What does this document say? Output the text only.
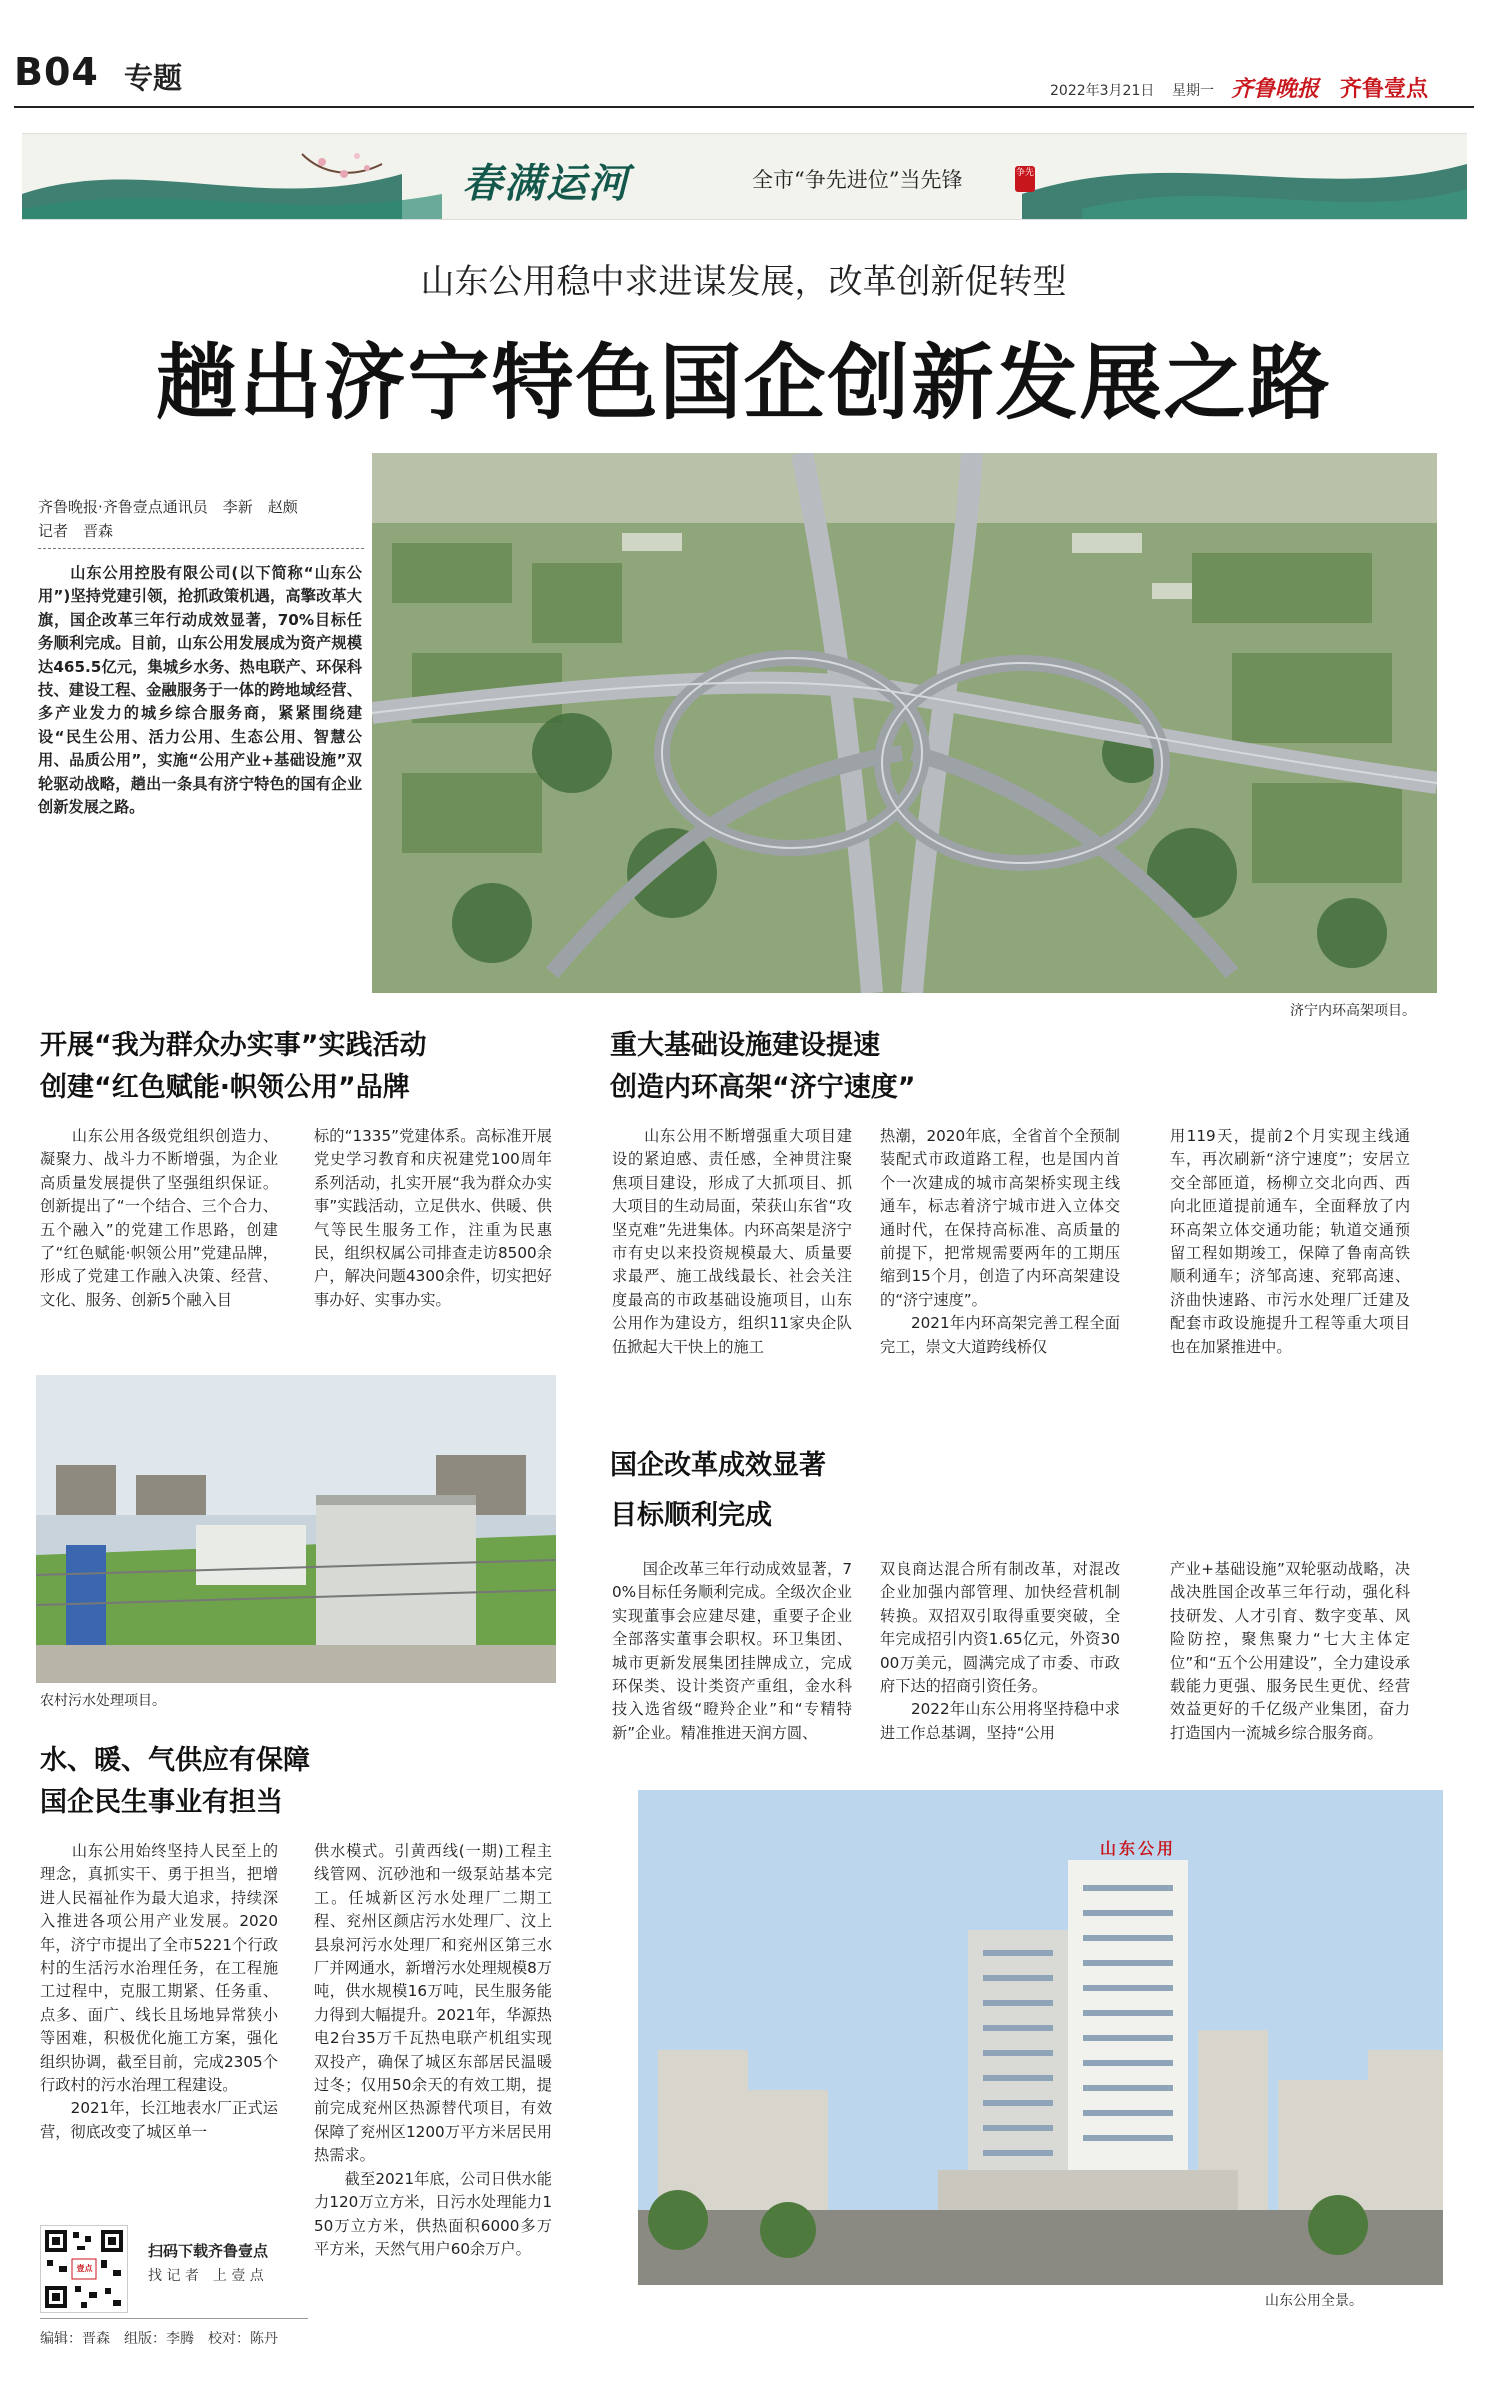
B04 专题	2022年3月21日 星期一 齐鲁晚报 齐鲁壹点
春满运河	全市“争先进位”当先锋	争先
山东公用稳中求进谋发展，改革创新促转型
趟出济宁特色国企创新发展之路
齐鲁晚报·齐鲁壹点通讯员　李新　赵颇
记者　晋森
　　山东公用控股有限公司(以下简称“山东公用”)坚持党建引领，抢抓政策机遇，高擎改革大旗，国企改革三年行动成效显著，70%目标任务顺利完成。目前，山东公用发展成为资产规模达465.5亿元，集城乡水务、热电联产、环保科技、建设工程、金融服务于一体的跨地域经营、多产业发力的城乡综合服务商，紧紧围绕建设“民生公用、活力公用、生态公用、智慧公用、品质公用”，实施“公用产业+基础设施”双轮驱动战略，趟出一条具有济宁特色的国有企业创新发展之路。
济宁内环高架项目。
开展“我为群众办实事”实践活动
创建“红色赋能·帜领公用”品牌
　　山东公用各级党组织创造力、凝聚力、战斗力不断增强，为企业高质量发展提供了坚强组织保证。创新提出了“一个结合、三个合力、五个融入”的党建工作思路，创建了“红色赋能·帜领公用”党建品牌，形成了党建工作融入决策、经营、文化、服务、创新5个融入目
标的“1335”党建体系。高标准开展党史学习教育和庆祝建党100周年系列活动，扎实开展“我为群众办实事”实践活动，立足供水、供暖、供气等民生服务工作，注重为民惠民，组织权属公司排查走访8500余户，解决问题4300余件，切实把好事办好、实事办实。
农村污水处理项目。
水、暖、气供应有保障
国企民生事业有担当
　　山东公用始终坚持人民至上的理念，真抓实干、勇于担当，把增进人民福祉作为最大追求，持续深入推进各项公用产业发展。2020年，济宁市提出了全市5221个行政村的生活污水治理任务，在工程施工过程中，克服工期紧、任务重、点多、面广、线长且场地异常狭小等困难，积极优化施工方案，强化组织协调，截至目前，完成2305个行政村的污水治理工程建设。
　　2021年，长江地表水厂正式运营，彻底改变了城区单一
供水模式。引黄西线(一期)工程主线管网、沉砂池和一级泵站基本完工。任城新区污水处理厂二期工程、兖州区颜店污水处理厂、汶上县泉河污水处理厂和兖州区第三水厂并网通水，新增污水处理规模8万吨，供水规模16万吨，民生服务能力得到大幅提升。2021年，华源热电2台35万千瓦热电联产机组实现双投产，确保了城区东部居民温暖过冬；仅用50余天的有效工期，提前完成兖州区热源替代项目，有效保障了兖州区1200万平方米居民用热需求。
　　截至2021年底，公司日供水能力120万立方米，日污水处理能力150万立方米，供热面积6000多万平方米，天然气用户60余万户。
重大基础设施建设提速
创造内环高架“济宁速度”
　　山东公用不断增强重大项目建设的紧迫感、责任感，全神贯注聚焦项目建设，形成了大抓项目、抓大项目的生动局面，荣获山东省“攻坚克难”先进集体。内环高架是济宁市有史以来投资规模最大、质量要求最严、施工战线最长、社会关注度最高的市政基础设施项目，山东公用作为建设方，组织11家央企队伍掀起大干快上的施工
热潮，2020年底，全省首个全预制装配式市政道路工程，也是国内首个一次建成的城市高架桥实现主线通车，标志着济宁城市进入立体交通时代，在保持高标准、高质量的前提下，把常规需要两年的工期压缩到15个月，创造了内环高架建设的“济宁速度”。
　　2021年内环高架完善工程全面完工，崇文大道跨线桥仅
用119天，提前2个月实现主线通车，再次刷新“济宁速度”；安居立交全部匝道，杨柳立交北向西、西向北匝道提前通车，全面释放了内环高架立体交通功能；轨道交通预留工程如期竣工，保障了鲁南高铁顺利通车；济邹高速、兖郓高速、济曲快速路、市污水处理厂迁建及配套市政设施提升工程等重大项目也在加紧推进中。
国企改革成效显著
目标顺利完成
　　国企改革三年行动成效显著，70%目标任务顺利完成。全级次企业实现董事会应建尽建，重要子企业全部落实董事会职权。环卫集团、城市更新发展集团挂牌成立，完成环保类、设计类资产重组，金水科技入选省级“瞪羚企业”和“专精特新”企业。精准推进天润方圆、
双良商达混合所有制改革，对混改企业加强内部管理、加快经营机制转换。双招双引取得重要突破，全年完成招引内资1.65亿元，外资3000万美元，圆满完成了市委、市政府下达的招商引资任务。
　　2022年山东公用将坚持稳中求进工作总基调，坚持“公用
产业+基础设施”双轮驱动战略，决战决胜国企改革三年行动，强化科技研发、人才引育、数字变革、风险防控，聚焦聚力“七大主体定位”和“五个公用建设”，全力建设承载能力更强、服务民生更优、经营效益更好的千亿级产业集团，奋力打造国内一流城乡综合服务商。
山东公用
山东公用全景。
壹点
扫码下载齐鲁壹点
找 记 者　上 壹 点
编辑：晋森　组版：李腾　校对：陈丹
